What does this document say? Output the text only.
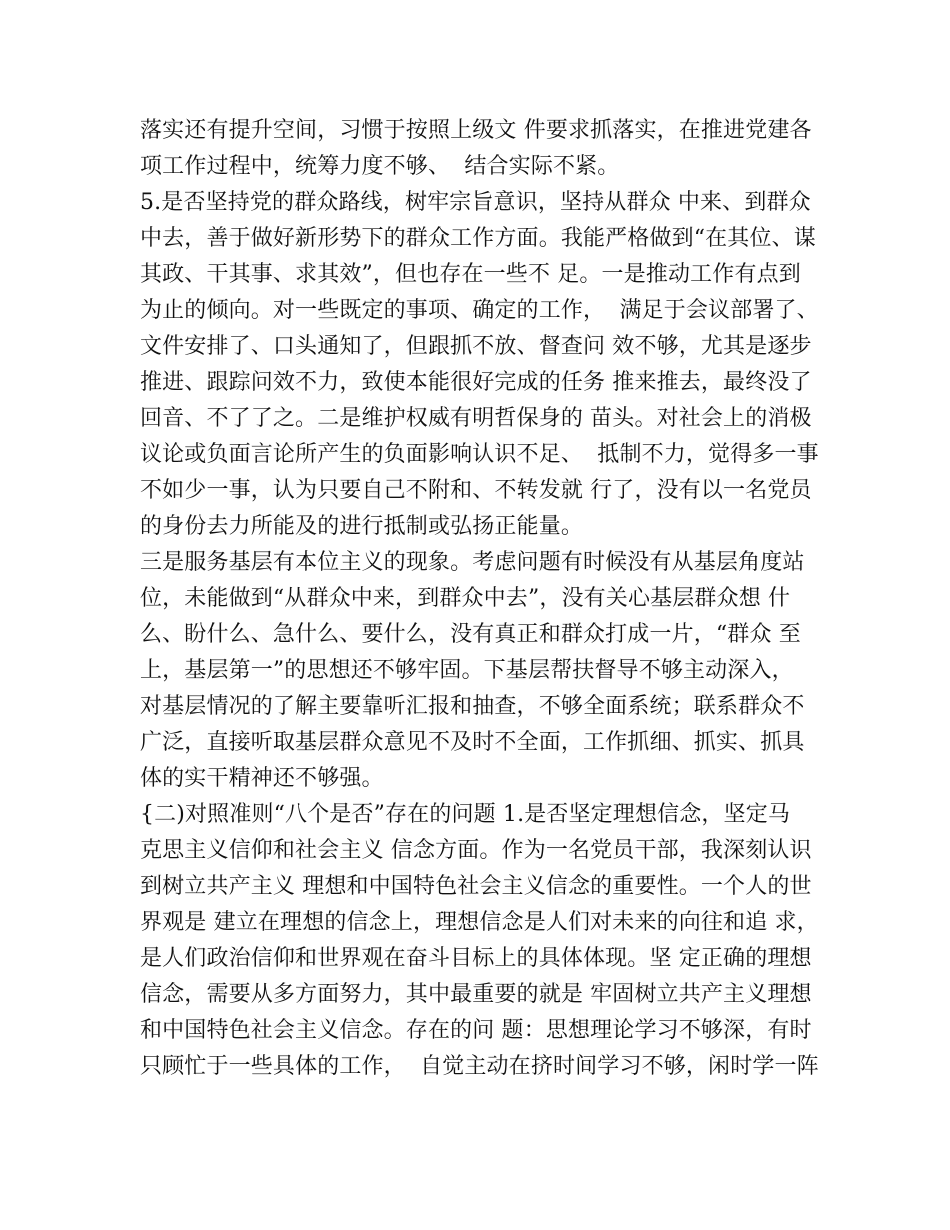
落实还有提升空间，习惯于按照上级文 件要求抓落实，在推进党建各
项工作过程中，统筹力度不够、  结合实际不紧。
5.是否坚持党的群众路线，树牢宗旨意识，坚持从群众 中来、到群众
中去，善于做好新形势下的群众工作方面。我能严格做到“在其位、谋
其政、干其事、求其效”，但也存在一些不 足。一是推动工作有点到
为止的倾向。对一些既定的事项、确定的工作，  满足于会议部署了、
文件安排了、口头通知了，但跟抓不放、督查问 效不够，尤其是逐步
推进、跟踪问效不力，致使本能很好完成的任务 推来推去，最终没了
回音、不了了之。二是维护权威有明哲保身的 苗头。对社会上的消极
议论或负面言论所产生的负面影响认识不足、  抵制不力，觉得多一事
不如少一事，认为只要自己不附和、不转发就 行了，没有以一名党员
的身份去力所能及的进行抵制或弘扬正能量。
三是服务基层有本位主义的现象。考虑问题有时候没有从基层角度站
位，未能做到“从群众中来，到群众中去”，没有关心基层群众想 什
么、盼什么、急什么、要什么，没有真正和群众打成一片，“群众 至
上，基层第一”的思想还不够牢固。下基层帮扶督导不够主动深入，
对基层情况的了解主要靠听汇报和抽查，不够全面系统；联系群众不
广泛，直接听取基层群众意见不及时不全面，工作抓细、抓实、抓具
体的实干精神还不够强。
{二)对照准则“八个是否”存在的问题 1.是否坚定理想信念，坚定马
克思主义信仰和社会主义 信念方面。作为一名党员干部，我深刻认识
到树立共产主义 理想和中国特色社会主义信念的重要性。一个人的世
界观是 建立在理想的信念上，理想信念是人们对未来的向往和追 求，
是人们政治信仰和世界观在奋斗目标上的具体体现。坚 定正确的理想
信念，需要从多方面努力，其中最重要的就是 牢固树立共产主义理想
和中国特色社会主义信念。存在的问 题：思想理论学习不够深，有时
只顾忙于一些具体的工作，  自觉主动在挤时间学习不够，闲时学一阵
